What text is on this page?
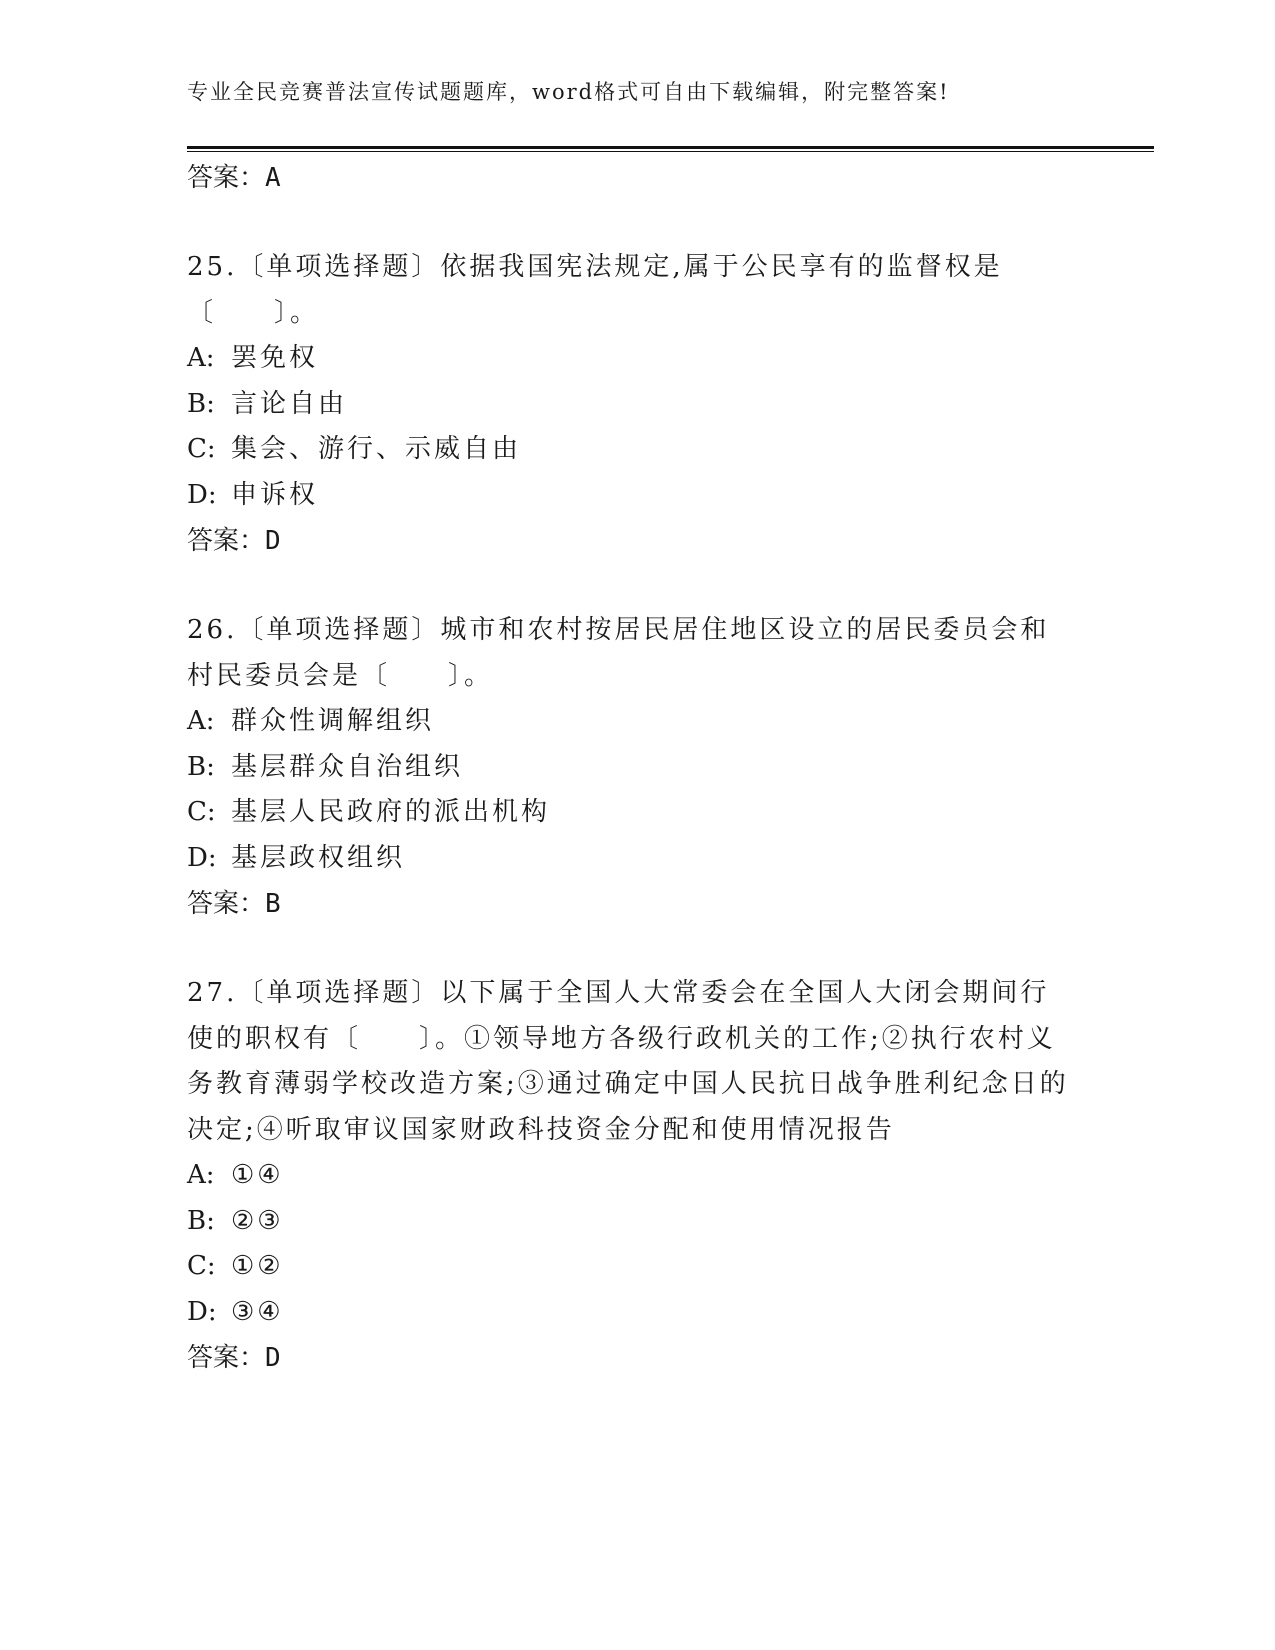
专业全民竞赛普法宣传试题题库，word格式可自由下载编辑，附完整答案!
答案：A
25.〔单项选择题〕依据我国宪法规定,属于公民享有的监督权是〔　　〕。
A: 罢免权
B: 言论自由
C: 集会、游行、示威自由
D: 申诉权
答案：D
26.〔单项选择题〕城市和农村按居民居住地区设立的居民委员会和村民委员会是〔　　〕。
A: 群众性调解组织
B: 基层群众自治组织
C: 基层人民政府的派出机构
D: 基层政权组织
答案：B
27.〔单项选择题〕以下属于全国人大常委会在全国人大闭会期间行使的职权有〔　　〕。①领导地方各级行政机关的工作;②执行农村义务教育薄弱学校改造方案;③通过确定中国人民抗日战争胜利纪念日的决定;④听取审议国家财政科技资金分配和使用情况报告
A: ①④
B: ②③
C: ①②
D: ③④
答案：D
